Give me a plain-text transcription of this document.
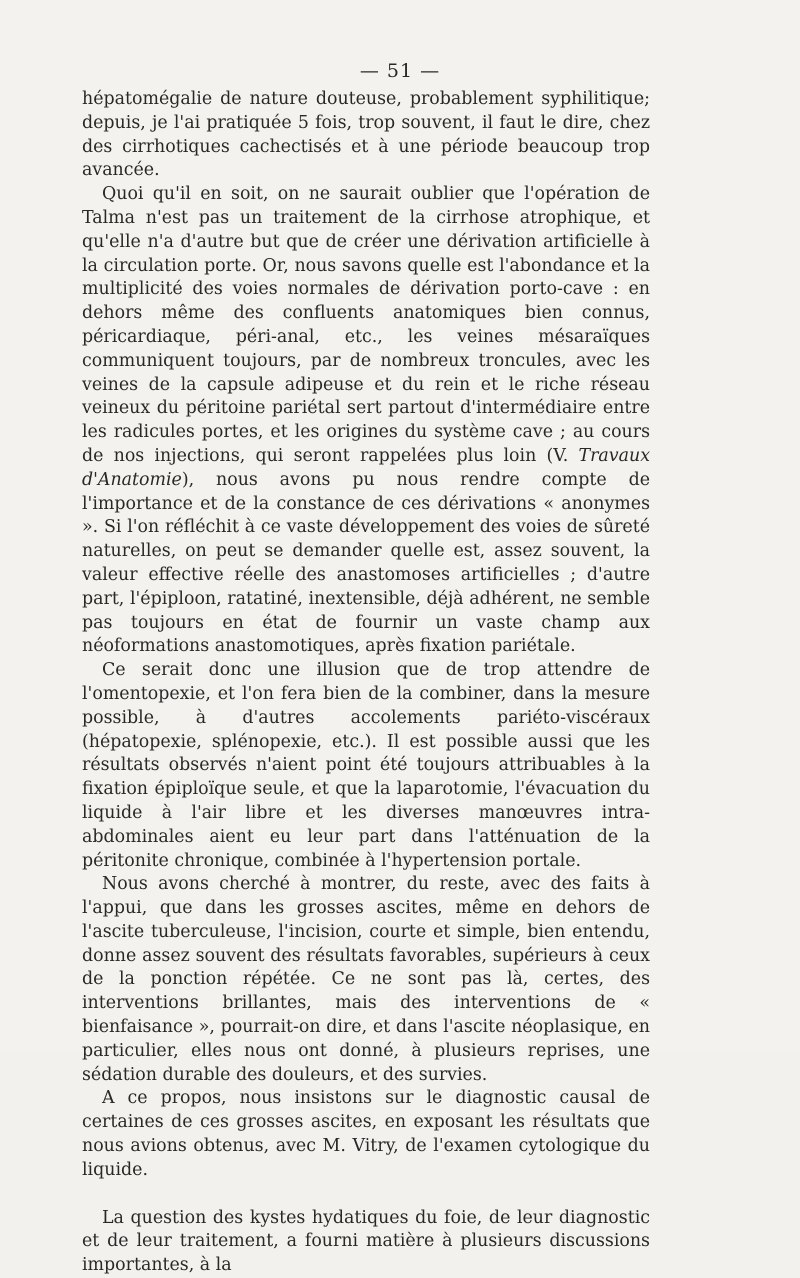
— 51 —

hépatomégalie de nature douteuse, probablement syphilitique; depuis, je l'ai pratiquée 5 fois, trop souvent, il faut le dire, chez des cirrhotiques cachectisés et à une période beaucoup trop avancée.

Quoi qu'il en soit, on ne saurait oublier que l'opération de Talma n'est pas un traitement de la cirrhose atrophique, et qu'elle n'a d'autre but que de créer une dérivation artificielle à la circulation porte. Or, nous savons quelle est l'abondance et la multiplicité des voies normales de dérivation porto-cave : en dehors même des confluents anatomiques bien connus, péricardiaque, péri-anal, etc., les veines mésaraïques communiquent toujours, par de nombreux troncules, avec les veines de la capsule adipeuse et du rein et le riche réseau veineux du péritoine pariétal sert partout d'intermédiaire entre les radicules portes, et les origines du système cave ; au cours de nos injections, qui seront rappelées plus loin (V. Travaux d'Anatomie), nous avons pu nous rendre compte de l'importance et de la constance de ces dérivations « anonymes ». Si l'on réfléchit à ce vaste développement des voies de sûreté naturelles, on peut se demander quelle est, assez souvent, la valeur effective réelle des anastomoses artificielles ; d'autre part, l'épiploon, ratatiné, inextensible, déjà adhérent, ne semble pas toujours en état de fournir un vaste champ aux néoformations anastomotiques, après fixation pariétale.

Ce serait donc une illusion que de trop attendre de l'omentopexie, et l'on fera bien de la combiner, dans la mesure possible, à d'autres accolements pariéto-viscéraux (hépatopexie, splénopexie, etc.). Il est possible aussi que les résultats observés n'aient point été toujours attribuables à la fixation épiploïque seule, et que la laparotomie, l'évacuation du liquide à l'air libre et les diverses manœuvres intra-abdominales aient eu leur part dans l'atténuation de la péritonite chronique, combinée à l'hypertension portale.

Nous avons cherché à montrer, du reste, avec des faits à l'appui, que dans les grosses ascites, même en dehors de l'ascite tuberculeuse, l'incision, courte et simple, bien entendu, donne assez souvent des résultats favorables, supérieurs à ceux de la ponction répétée. Ce ne sont pas là, certes, des interventions brillantes, mais des interventions de « bienfaisance », pourrait-on dire, et dans l'ascite néoplasique, en particulier, elles nous ont donné, à plusieurs reprises, une sédation durable des douleurs, et des survies.

A ce propos, nous insistons sur le diagnostic causal de certaines de ces grosses ascites, en exposant les résultats que nous avions obtenus, avec M. Vitry, de l'examen cytologique du liquide.

La question des kystes hydatiques du foie, de leur diagnostic et de leur traitement, a fourni matière à plusieurs discussions importantes, à la
